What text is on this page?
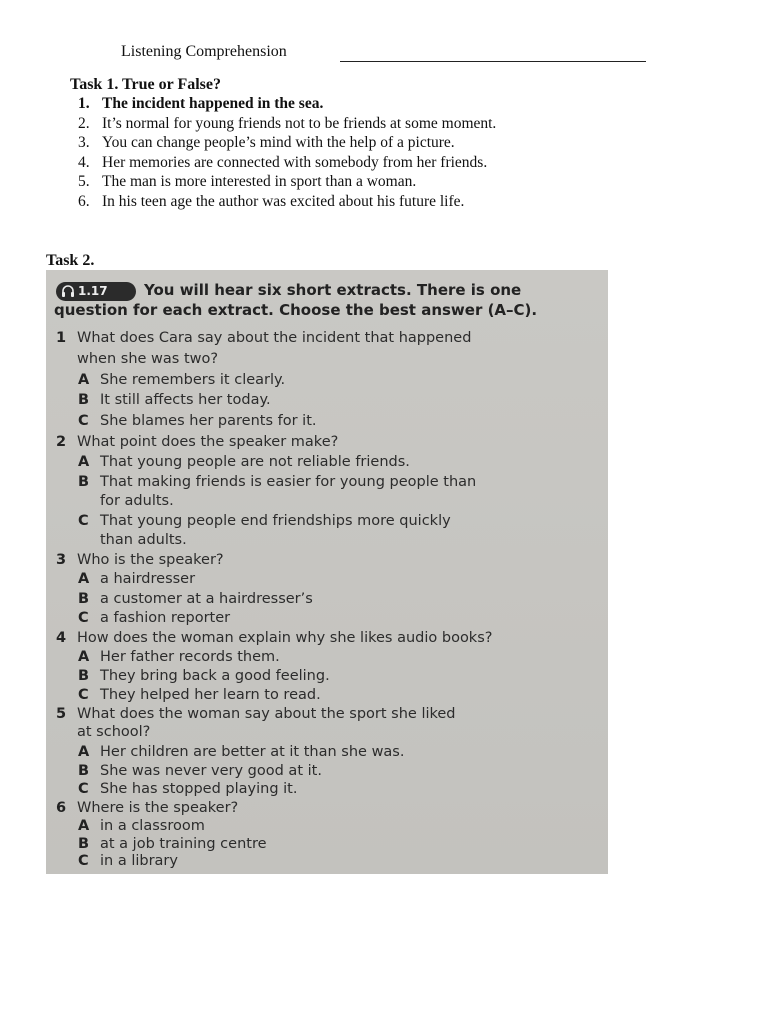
Listening Comprehension
Task 1. True or False?
1. The incident happened in the sea.
2. It’s normal for young friends not to be friends at some moment.
3. You can change people’s mind with the help of a picture.
4. Her memories are connected with somebody from her friends.
5. The man is more interested in sport than a woman.
6. In his teen age the author was excited about his future life.
Task 2.
1.17	You will hear six short extracts. There is one
question for each extract. Choose the best answer (A–C).
1 What does Cara say about the incident that happened
when she was two?
A She remembers it clearly.
B It still affects her today.
C She blames her parents for it.
2 What point does the speaker make?
A That young people are not reliable friends.
B That making friends is easier for young people than
for adults.
C That young people end friendships more quickly
than adults.
3 Who is the speaker?
A a hairdresser
B a customer at a hairdresser’s
C a fashion reporter
4 How does the woman explain why she likes audio books?
A Her father records them.
B They bring back a good feeling.
C They helped her learn to read.
5 What does the woman say about the sport she liked
at school?
A Her children are better at it than she was.
B She was never very good at it.
C She has stopped playing it.
6 Where is the speaker?
A in a classroom
B at a job training centre
C in a library
